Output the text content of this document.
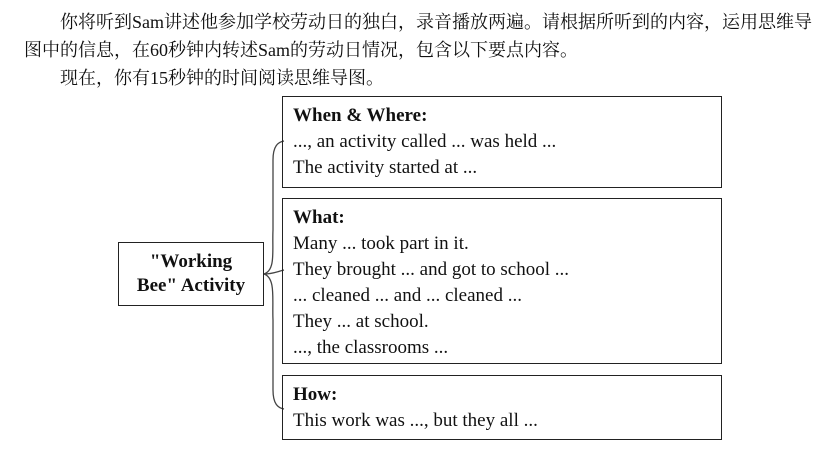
你将听到Sam讲述他参加学校劳动日的独白，录音播放两遍。请根据所听到的内容，运用思维导图中的信息，在60秒钟内转述Sam的劳动日情况，包含以下要点内容。

现在，你有15秒钟的时间阅读思维导图。

"Working
Bee" Activity
When & Where:
..., an activity called ... was held ...
The activity started at ...
What:
Many ... took part in it.
They brought ... and got to school ...
... cleaned ... and ... cleaned ...
They ... at school.
..., the classrooms ...
How:
This work was ..., but they all ...
